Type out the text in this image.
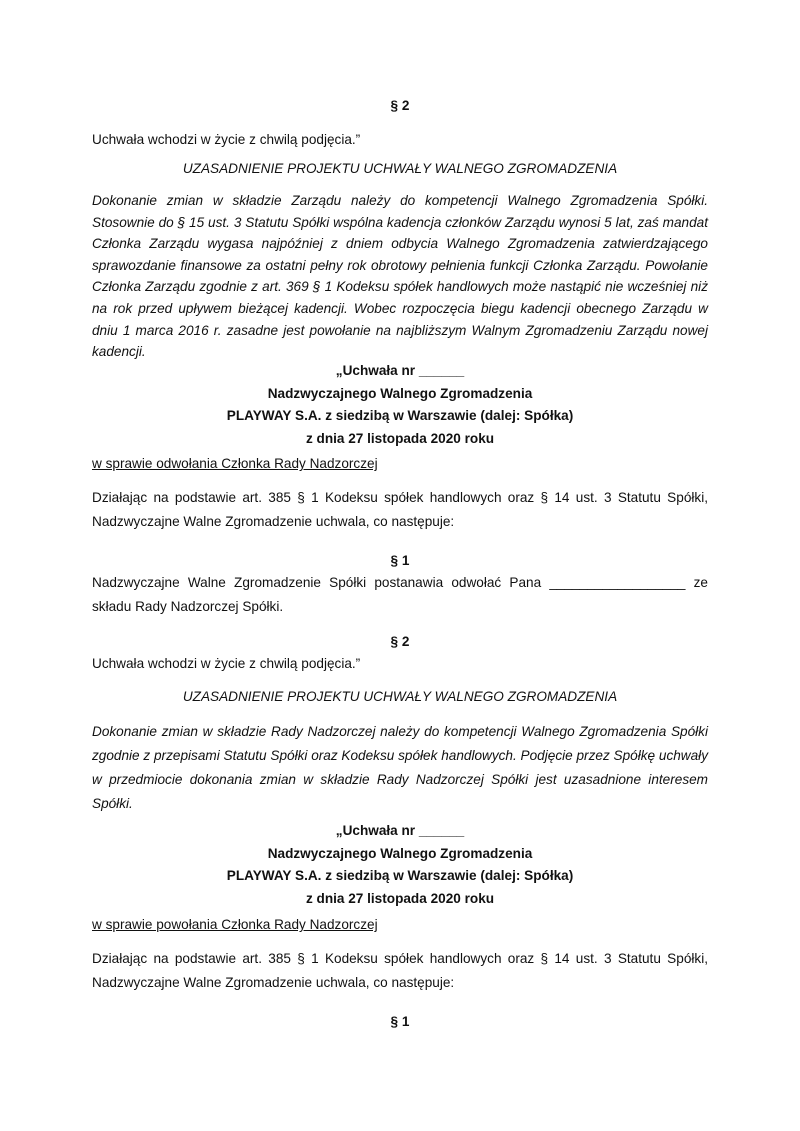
§ 2

Uchwała wchodzi w życie z chwilą podjęcia.”

UZASADNIENIE PROJEKTU UCHWAŁY WALNEGO ZGROMADZENIA

Dokonanie zmian w składzie Zarządu należy do kompetencji Walnego Zgromadzenia Spółki. Stosownie do § 15 ust. 3 Statutu Spółki wspólna kadencja członków Zarządu wynosi 5 lat, zaś mandat Członka Zarządu wygasa najpóźniej z dniem odbycia Walnego Zgromadzenia zatwierdzającego sprawozdanie finansowe za ostatni pełny rok obrotowy pełnienia funkcji Członka Zarządu. Powołanie Członka Zarządu zgodnie z art. 369 § 1 Kodeksu spółek handlowych może nastąpić nie wcześniej niż na rok przed upływem bieżącej kadencji. Wobec rozpoczęcia biegu kadencji obecnego Zarządu w dniu 1 marca 2016 r. zasadne jest powołanie na najbliższym Walnym Zgromadzeniu Zarządu nowej kadencji.

„Uchwała nr ______
Nadzwyczajnego Walnego Zgromadzenia
PLAYWAY S.A. z siedzibą w Warszawie (dalej: Spółka)
z dnia 27 listopada 2020 roku

w sprawie odwołania Członka Rady Nadzorczej

Działając na podstawie art. 385 § 1 Kodeksu spółek handlowych oraz § 14 ust. 3 Statutu Spółki, Nadzwyczajne Walne Zgromadzenie uchwala, co następuje:

§ 1

Nadzwyczajne Walne Zgromadzenie Spółki postanawia odwołać Pana __________________ ze składu Rady Nadzorczej Spółki.

§ 2

Uchwała wchodzi w życie z chwilą podjęcia.”

UZASADNIENIE PROJEKTU UCHWAŁY WALNEGO ZGROMADZENIA

Dokonanie zmian w składzie Rady Nadzorczej należy do kompetencji Walnego Zgromadzenia Spółki zgodnie z przepisami Statutu Spółki oraz Kodeksu spółek handlowych. Podjęcie przez Spółkę uchwały w przedmiocie dokonania zmian w składzie Rady Nadzorczej Spółki jest uzasadnione interesem Spółki.

„Uchwała nr ______
Nadzwyczajnego Walnego Zgromadzenia
PLAYWAY S.A. z siedzibą w Warszawie (dalej: Spółka)
z dnia 27 listopada 2020 roku

w sprawie powołania Członka Rady Nadzorczej

Działając na podstawie art. 385 § 1 Kodeksu spółek handlowych oraz § 14 ust. 3 Statutu Spółki, Nadzwyczajne Walne Zgromadzenie uchwala, co następuje:

§ 1
